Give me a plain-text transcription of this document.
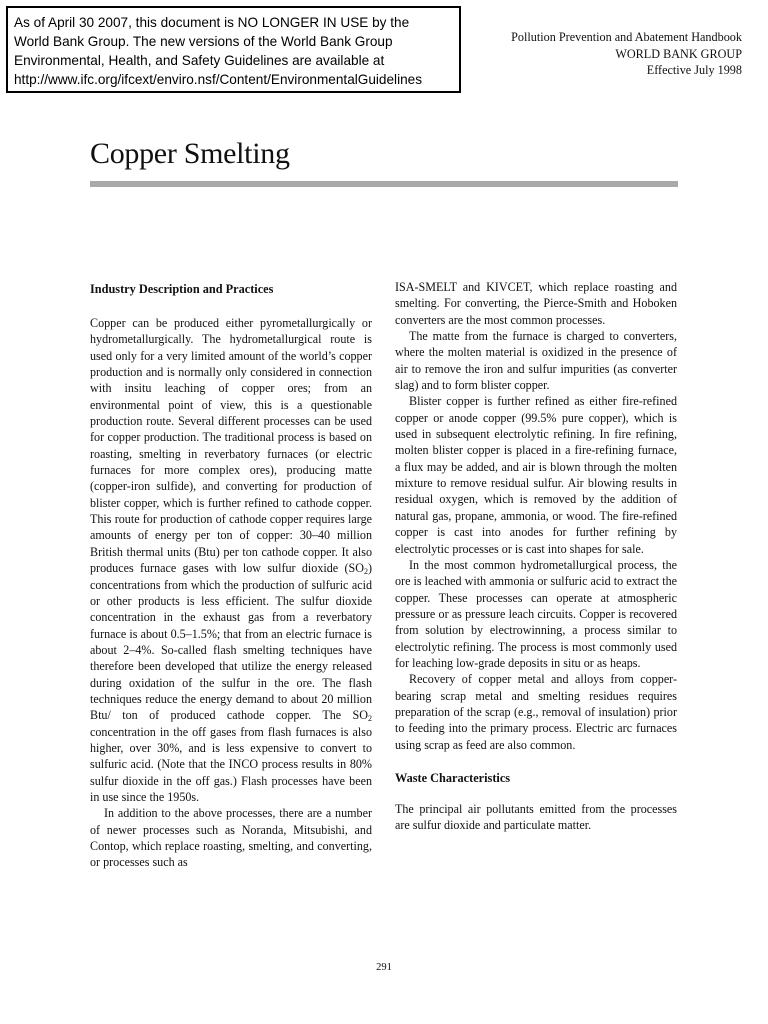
As of April 30 2007, this document is NO LONGER IN USE by the
World Bank Group. The new versions of the World Bank Group
Environmental, Health, and Safety Guidelines are available at
http://www.ifc.org/ifcext/enviro.nsf/Content/EnvironmentalGuidelines
Pollution Prevention and Abatement Handbook
WORLD BANK GROUP
Effective July 1998
Copper Smelting
Industry Description and Practices

Copper can be produced either pyrometallurgically or hydrometallurgically. The hydrometallurgical route is used only for a very limited amount of the world’s copper production and is normally only considered in connection with insitu leaching of copper ores; from an environmental point of view, this is a questionable production route. Several different processes can be used for copper production. The traditional process is based on roasting, smelting in reverbatory furnaces (or electric furnaces for more complex ores), producing matte (copper-iron sulfide), and converting for production of blister copper, which is further refined to cathode copper. This route for production of cathode copper requires large amounts of energy per ton of copper: 30–40 million British thermal units (Btu) per ton cathode copper. It also produces furnace gases with low sulfur dioxide $(SO_2)$ concentrations from which the production of sulfuric acid or other products is less efficient. The sulfur dioxide concentration in the exhaust gas from a reverbatory furnace is about 0.5–1.5%; that from an electric furnace is about 2–4%. So-called flash smelting techniques have therefore been developed that utilize the energy released during oxidation of the sulfur in the ore. The flash techniques reduce the energy demand to about 20 million Btu/ ton of produced cathode copper. The $SO_2$ concentration in the off gases from flash furnaces is also higher, over 30%, and is less expensive to convert to sulfuric acid. (Note that the INCO process results in 80% sulfur dioxide in the off gas.) Flash processes have been in use since the 1950s.

In addition to the above processes, there are a number of newer processes such as Noranda, Mitsubishi, and Contop, which replace roasting, smelting, and converting, or processes such as

ISA-SMELT and KIVCET, which replace roasting and smelting. For converting, the Pierce-Smith and Hoboken converters are the most common processes.

The matte from the furnace is charged to converters, where the molten material is oxidized in the presence of air to remove the iron and sulfur impurities (as converter slag) and to form blister copper.

Blister copper is further refined as either fire-refined copper or anode copper (99.5% pure copper), which is used in subsequent electrolytic refining. In fire refining, molten blister copper is placed in a fire-refining furnace, a flux may be added, and air is blown through the molten mixture to remove residual sulfur. Air blowing results in residual oxygen, which is removed by the addition of natural gas, propane, ammonia, or wood. The fire-refined copper is cast into anodes for further refining by electrolytic processes or is cast into shapes for sale.

In the most common hydrometallurgical process, the ore is leached with ammonia or sulfuric acid to extract the copper. These processes can operate at atmospheric pressure or as pressure leach circuits. Copper is recovered from solution by electrowinning, a process similar to electrolytic refining. The process is most commonly used for leaching low-grade deposits in situ or as heaps.

Recovery of copper metal and alloys from copper-bearing scrap metal and smelting residues requires preparation of the scrap (e.g., removal of insulation) prior to feeding into the primary process. Electric arc furnaces using scrap as feed are also common.

Waste Characteristics

The principal air pollutants emitted from the processes are sulfur dioxide and particulate matter.

291
